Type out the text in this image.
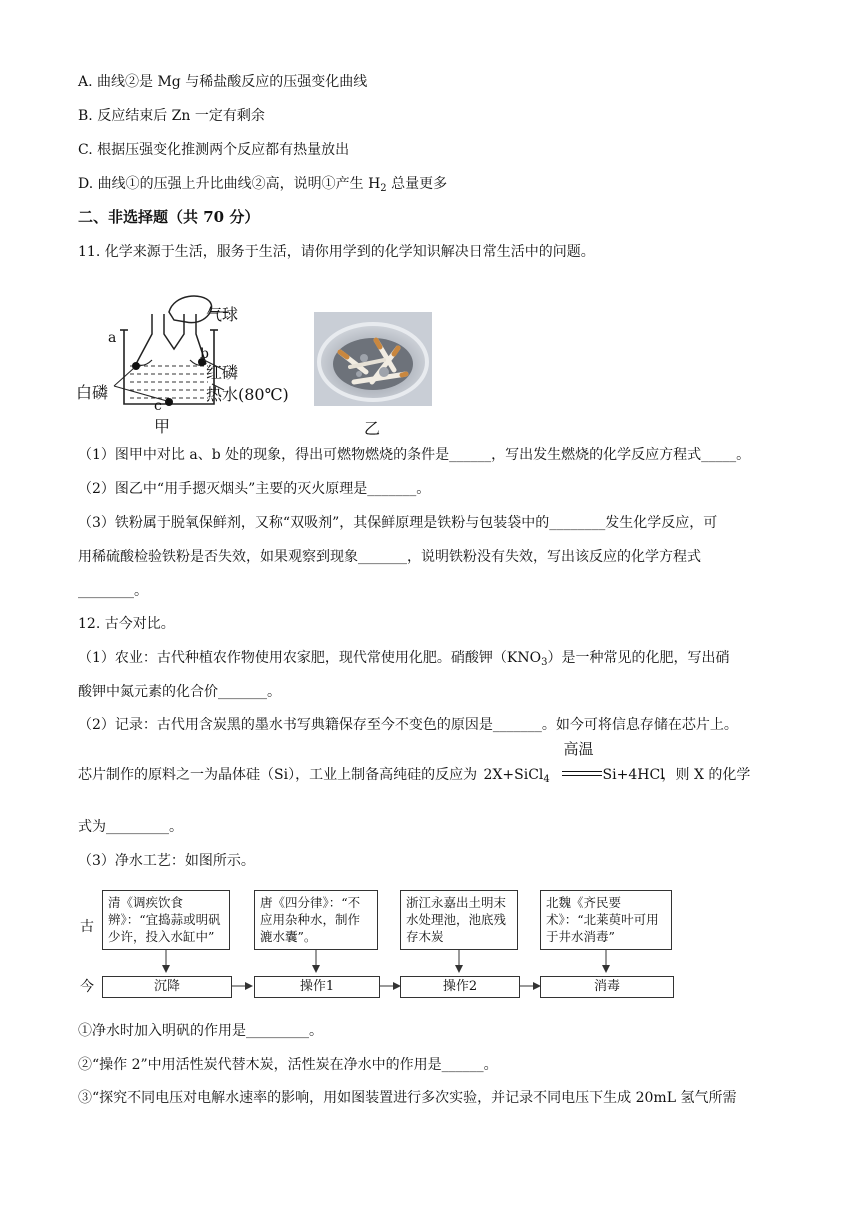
A. 曲线②是 Mg 与稀盐酸反应的压强变化曲线
B. 反应结束后 Zn 一定有剩余
C. 根据压强变化推测两个反应都有热量放出
D. 曲线①的压强上升比曲线②高，说明①产生 $H_2$ 总量更多
二、非选择题（共 70 分）
11. 化学来源于生活，服务于生活，请你用学到的化学知识解决日常生活中的问题。
气球
a
b
红磷
白磷	热水(80℃)
c
甲	乙
（1）图甲中对比 a、b 处的现象，得出可燃物燃烧的条件是______，写出发生燃烧的化学反应方程式_____。
（2）图乙中“用手摁灭烟头”主要的灭火原理是_______。
（3）铁粉属于脱氧保鲜剂，又称“双吸剂”，其保鲜原理是铁粉与包装袋中的________发生化学反应，可
用稀硫酸检验铁粉是否失效，如果观察到现象_______，说明铁粉没有失效，写出该反应的化学方程式
________。
12. 古今对比。
（1）农业：古代种植农作物使用农家肥，现代常使用化肥。硝酸钾$(KNO_3)$是一种常见的化肥，写出硝
酸钾中氮元素的化合价_______。
（2）记录：古代用含炭黑的墨水书写典籍保存至今不变色的原因是_______。如今可将信息存储在芯片上。
芯片制作的原料之一为晶体硅（Si），工业上制备高纯硅的反应为 2X+SiCl$_4$
高温
Si+4HCl
，则 X 的化学
式为_________。
（3）净水工艺：如图所示。
古
今
清《调疾饮食辨》：“宜捣蒜或明矾少许，投入水缸中”
唐《四分律》：“不应用杂种水，制作漉水囊”。
浙江永嘉出土明末水处理池，池底残存木炭
北魏《齐民要术》：“北莱萸叶可用于井水消毒”
沉降	操作1	操作2	消毒
①净水时加入明矾的作用是_________。
②“操作 2”中用活性炭代替木炭，活性炭在净水中的作用是______。
③“探究不同电压对电解水速率的影响，用如图装置进行多次实验，并记录不同电压下生成 20mL 氢气所需
